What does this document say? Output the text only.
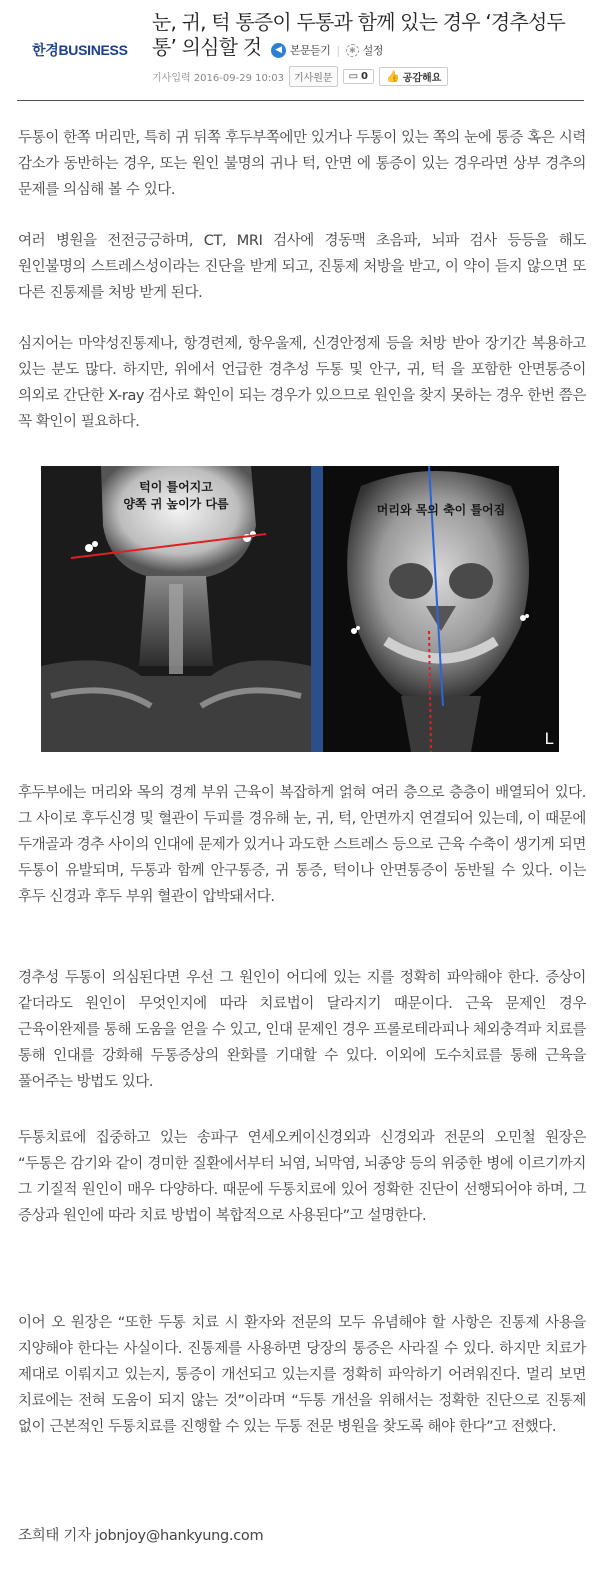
한경BUSINESS
눈, 귀, 턱 통증이 두통과 함께 있는 경우 ‘경추성두통’ 의심할 것	◀ 본문듣기 |	✱ 설정
기사입력 2016-09-29 10:03	기사원문	▭ 0 👍 공감해요

두통이 한쪽 머리만, 특히 귀 뒤쪽 후두부쪽에만 있거나 두통이 있는 쪽의 눈에 통증 혹은 시력 감소가 동반하는 경우, 또는 원인 불명의 귀나 턱, 안면 에 통증이 있는 경우라면 상부 경추의 문제를 의심해 볼 수 있다.

여러 병원을 전전긍긍하며, CT, MRI 검사에 경동맥 초음파, 뇌파 검사 등등을 해도 원인불명의 스트레스성이라는 진단을 받게 되고, 진통제 처방을 받고, 이 약이 듣지 않으면 또 다른 진통제를 처방 받게 된다.

심지어는 마약성진통제나, 항경련제, 항우울제, 신경안정제 등을 처방 받아 장기간 복용하고 있는 분도 많다. 하지만, 위에서 언급한 경추성 두통 및 안구, 귀, 턱 을 포함한 안면통증이 의외로 간단한 X-ray 검사로 확인이 되는 경우가 있으므로 원인을 찾지 못하는 경우 한번 쯤은 꼭 확인이 필요하다.

턱이 틀어지고
양쪽 귀 높이가 다름	머리와 목의 축이 틀어짐
L

후두부에는 머리와 목의 경계 부위 근육이 복잡하게 얽혀 여러 층으로 층층이 배열되어 있다. 그 사이로 후두신경 및 혈관이 두피를 경유해 눈, 귀, 턱, 안면까지 연결되어 있는데, 이 때문에 두개골과 경추 사이의 인대에 문제가 있거나 과도한 스트레스 등으로 근육 수축이 생기게 되면 두통이 유발되며, 두통과 함께 안구통증, 귀 통증, 턱이나 안면통증이 동반될 수 있다. 이는 후두 신경과 후두 부위 혈관이 압박돼서다.

경추성 두통이 의심된다면 우선 그 원인이 어디에 있는 지를 정확히 파악해야 한다. 증상이 같더라도 원인이 무엇인지에 따라 치료법이 달라지기 때문이다. 근육 문제인 경우 근육이완제를 통해 도움을 얻을 수 있고, 인대 문제인 경우 프롤로테라피나 체외충격파 치료를 통해 인대를 강화해 두통증상의 완화를 기대할 수 있다. 이외에 도수치료를 통해 근육을 풀어주는 방법도 있다.

두통치료에 집중하고 있는 송파구 연세오케이신경외과 신경외과 전문의 오민철 원장은 “두통은 감기와 같이 경미한 질환에서부터 뇌염, 뇌막염, 뇌종양 등의 위중한 병에 이르기까지 그 기질적 원인이 매우 다양하다. 때문에 두통치료에 있어 정확한 진단이 선행되어야 하며, 그 증상과 원인에 따라 치료 방법이 복합적으로 사용된다”고 설명한다.

이어 오 원장은 “또한 두통 치료 시 환자와 전문의 모두 유념해야 할 사항은 진통제 사용을 지양해야 한다는 사실이다. 진통제를 사용하면 당장의 통증은 사라질 수 있다. 하지만 치료가 제대로 이뤄지고 있는지, 통증이 개선되고 있는지를 정확히 파악하기 어려워진다. 멀리 보면 치료에는 전혀 도움이 되지 않는 것”이라며 “두통 개선을 위해서는 정확한 진단으로 진통제 없이 근본적인 두통치료를 진행할 수 있는 두통 전문 병원을 찾도록 해야 한다”고 전했다.

조희태 기자 jobnjoy@hankyung.com
